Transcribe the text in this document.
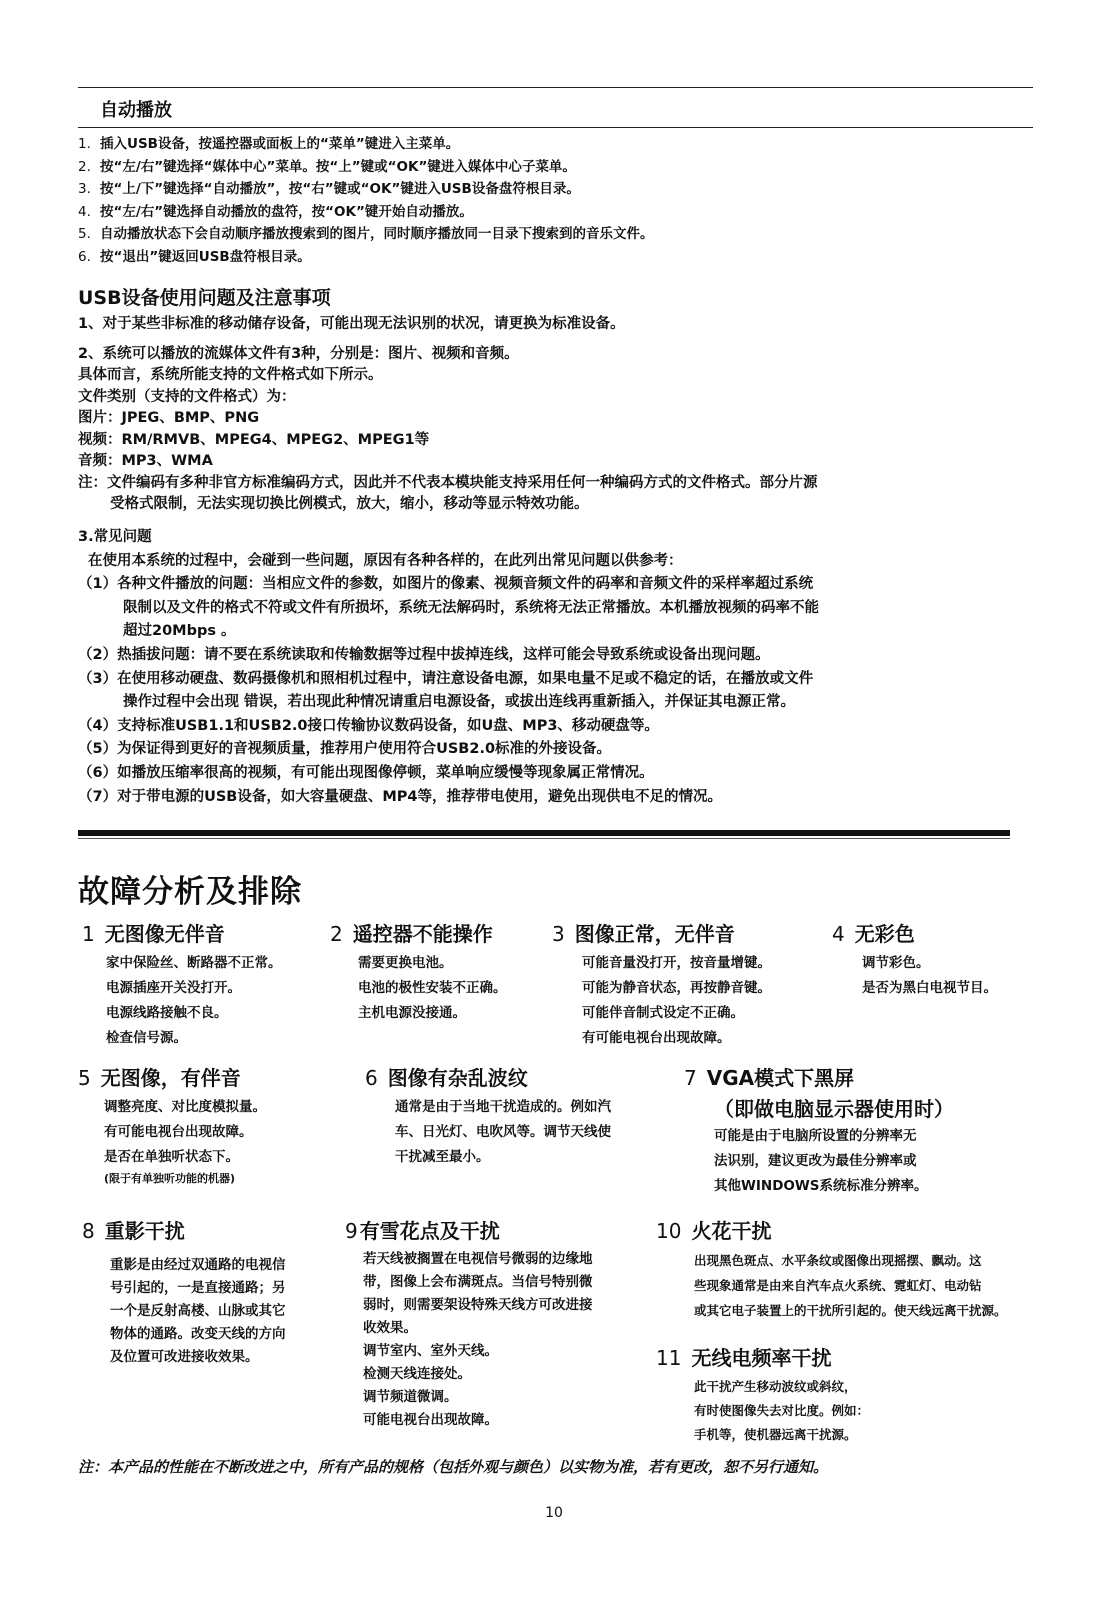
自动播放
1. 插入USB设备，按遥控器或面板上的“菜单”键进入主菜单。
2. 按“左/右”键选择“媒体中心”菜单。按“上”键或“OK”键进入媒体中心子菜单。
3. 按“上/下”键选择“自动播放”，按“右”键或“OK”键进入USB设备盘符根目录。
4. 按“左/右”键选择自动播放的盘符，按“OK”键开始自动播放。
5. 自动播放状态下会自动顺序播放搜索到的图片，同时顺序播放同一目录下搜索到的音乐文件。
6. 按“退出”键返回USB盘符根目录。
USB设备使用问题及注意事项
1、对于某些非标准的移动储存设备，可能出现无法识别的状况，请更换为标准设备。
2、系统可以播放的流媒体文件有3种，分别是：图片、视频和音频。
具体而言，系统所能支持的文件格式如下所示。
文件类别（支持的文件格式）为：
图片：JPEG、BMP、PNG
视频：RM/RMVB、MPEG4、MPEG2、MPEG1等
音频：MP3、WMA
注：文件编码有多种非官方标准编码方式，因此并不代表本模块能支持采用任何一种编码方式的文件格式。部分片源
受格式限制，无法实现切换比例模式，放大，缩小，移动等显示特效功能。
3.常见问题
在使用本系统的过程中，会碰到一些问题，原因有各种各样的，在此列出常见问题以供参考：
（1）各种文件播放的问题：当相应文件的参数，如图片的像素、视频音频文件的码率和音频文件的采样率超过系统
限制以及文件的格式不符或文件有所损坏，系统无法解码时，系统将无法正常播放。本机播放视频的码率不能
超过20Mbps 。
（2）热插拔问题：请不要在系统读取和传输数据等过程中拔掉连线，这样可能会导致系统或设备出现问题。
（3）在使用移动硬盘、数码摄像机和照相机过程中，请注意设备电源，如果电量不足或不稳定的话，在播放或文件
操作过程中会出现 错误，若出现此种情况请重启电源设备，或拔出连线再重新插入，并保证其电源正常。
（4）支持标准USB1.1和USB2.0接口传输协议数码设备，如U盘、MP3、移动硬盘等。
（5）为保证得到更好的音视频质量，推荐用户使用符合USB2.0标准的外接设备。
（6）如播放压缩率很高的视频，有可能出现图像停顿，菜单响应缓慢等现象属正常情况。
（7）对于带电源的USB设备，如大容量硬盘、MP4等，推荐带电使用，避免出现供电不足的情况。
故障分析及排除
1 无图像无伴音
家中保险丝、断路器不正常。
电源插座开关没打开。
电源线路接触不良。
检查信号源。
2 遥控器不能操作
需要更换电池。
电池的极性安装不正确。
主机电源没接通。
3 图像正常，无伴音
可能音量没打开，按音量增键。
可能为静音状态，再按静音键。
可能伴音制式设定不正确。
有可能电视台出现故障。
4 无彩色
调节彩色。
是否为黑白电视节目。
5 无图像，有伴音
调整亮度、对比度模拟量。
有可能电视台出现故障。
是否在单独听状态下。
(限于有单独听功能的机器)
6 图像有杂乱波纹
通常是由于当地干扰造成的。例如汽
车、日光灯、电吹风等。调节天线使
干扰减至最小。
7 VGA模式下黑屏
（即做电脑显示器使用时）
可能是由于电脑所设置的分辨率无
法识别，建议更改为最佳分辨率或
其他WINDOWS系统标准分辨率。
8 重影干扰
重影是由经过双通路的电视信
号引起的，一是直接通路；另
一个是反射高楼、山脉或其它
物体的通路。改变天线的方向
及位置可改进接收效果。
9 有雪花点及干扰
若天线被搁置在电视信号微弱的边缘地
带，图像上会布满斑点。当信号特别微
弱时，则需要架设特殊天线方可改进接
收效果。
调节室内、室外天线。
检测天线连接处。
调节频道微调。
可能电视台出现故障。
10 火花干扰
出现黑色斑点、水平条纹或图像出现摇摆、飘动。这
些现象通常是由来自汽车点火系统、霓虹灯、电动钻
或其它电子装置上的干扰所引起的。使天线远离干扰源。
11 无线电频率干扰
此干扰产生移动波纹或斜纹，
有时使图像失去对比度。例如：
手机等，使机器远离干扰源。
注：本产品的性能在不断改进之中，所有产品的规格（包括外观与颜色）以实物为准，若有更改，恕不另行通知。
10
